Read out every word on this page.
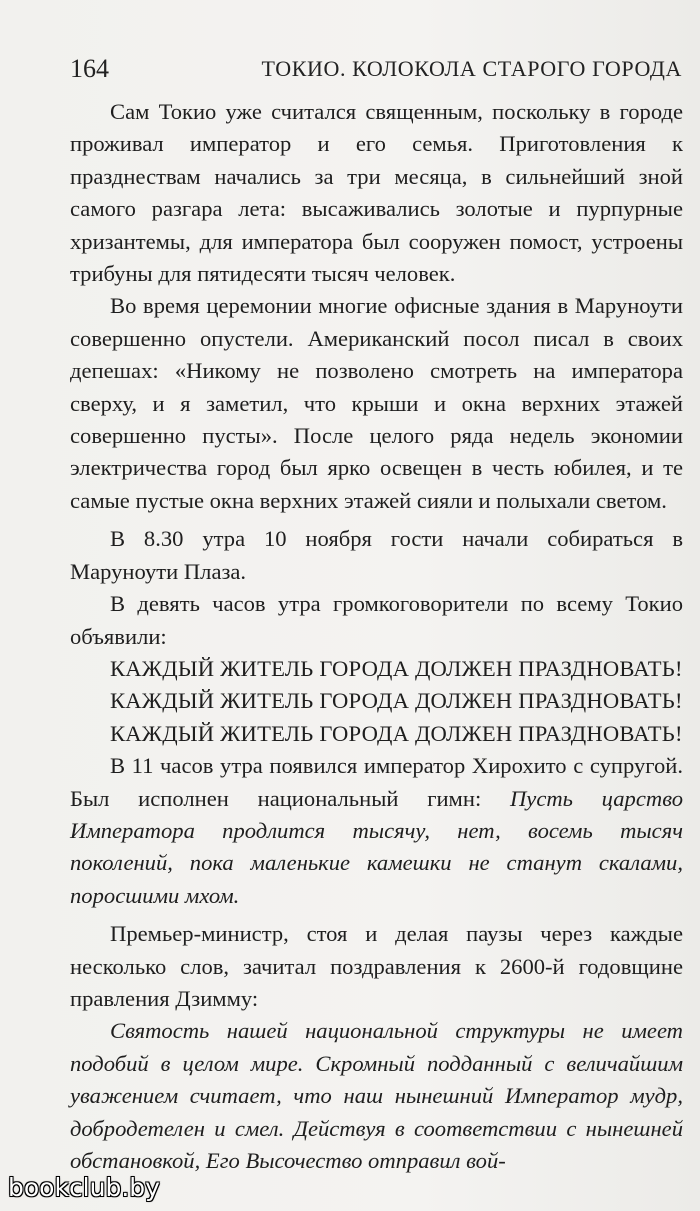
164	ТОКИО. КОЛОКОЛА СТАРОГО ГОРОДА

Сам Токио уже считался священным, поскольку в городе проживал император и его семья. Приготовления к празднествам начались за три месяца, в сильнейший зной самого разгара лета: высаживались золотые и пурпурные хризантемы, для императора был сооружен помост, устроены трибуны для пятидесяти тысяч человек.

Во время церемонии многие офисные здания в Маруноути совершенно опустели. Американский посол писал в своих депешах: «Никому не позволено смотреть на императора сверху, и я заметил, что крыши и окна верхних этажей совершенно пусты». После целого ряда недель экономии электричества город был ярко освещен в честь юбилея, и те самые пустые окна верхних этажей сияли и полыхали светом.

В 8.30 утра 10 ноября гости начали собираться в Маруноути Плаза.

В девять часов утра громкоговорители по всему Токио объявили:

КАЖДЫЙ ЖИТЕЛЬ ГОРОДА ДОЛЖЕН ПРАЗДНОВАТЬ!

КАЖДЫЙ ЖИТЕЛЬ ГОРОДА ДОЛЖЕН ПРАЗДНОВАТЬ!

КАЖДЫЙ ЖИТЕЛЬ ГОРОДА ДОЛЖЕН ПРАЗДНОВАТЬ!

В 11 часов утра появился император Хирохито с супругой. Был исполнен национальный гимн: Пусть царство Императора продлится тысячу, нет, восемь тысяч поколений, пока маленькие камешки не станут скалами, поросшими мхом.

Премьер-министр, стоя и делая паузы через каждые несколько слов, зачитал поздравления к 2600-й годовщине правления Дзимму:

Святость нашей национальной структуры не имеет подобий в целом мире. Скромный подданный с величайшим уважением считает, что наш нынешний Император мудр, добродетелен и смел. Действуя в соответствии с нынешней обстановкой, Его Высочество отправил вой-

bookclub.by
